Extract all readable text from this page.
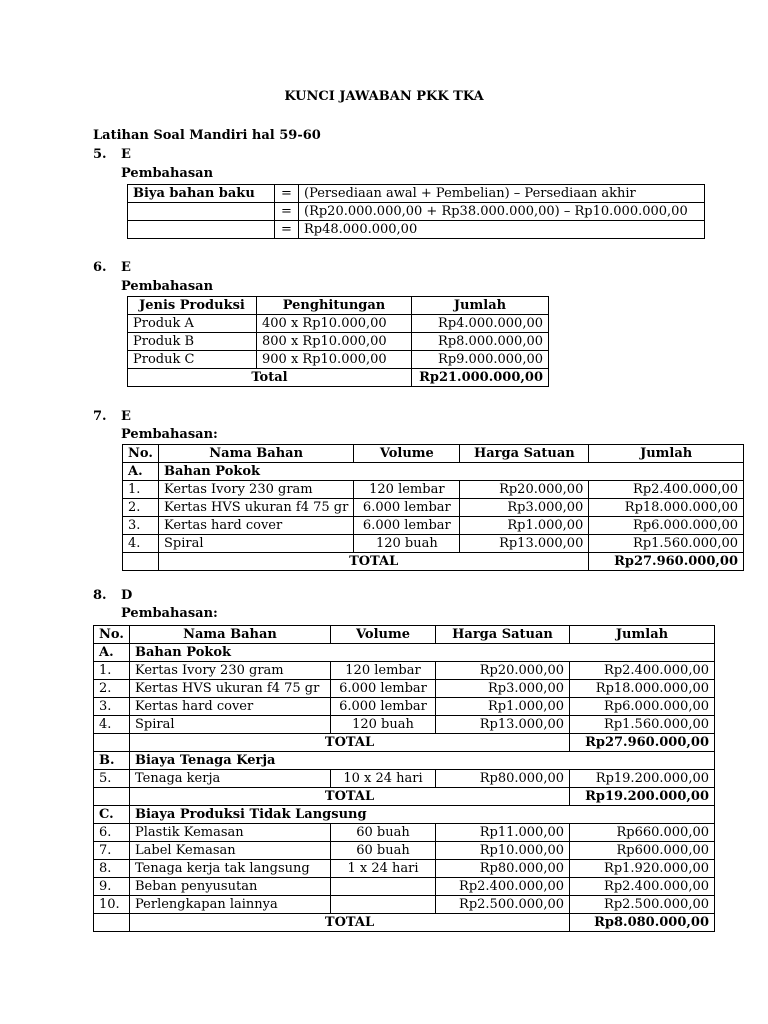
KUNCI JAWABAN PKK TKA
Latihan Soal Mandiri hal 59-60
5. E
Pembahasan
Biya bahan baku	=	(Persediaan awal + Pembelian) – Persediaan akhir
	=	(Rp20.000.000,00 + Rp38.000.000,00) – Rp10.000.000,00
	=	Rp48.000.000,00
6. E
Pembahasan
Jenis Produksi	Penghitungan	Jumlah
Produk A	400 x Rp10.000,00	Rp4.000.000,00
Produk B	800 x Rp10.000,00	Rp8.000.000,00
Produk C	900 x Rp10.000,00	Rp9.000.000,00
Total		Rp21.000.000,00
7. E
Pembahasan:
No.	Nama Bahan	Volume	Harga Satuan	Jumlah
A.	Bahan Pokok			
1.	Kertas Ivory 230 gram	120 lembar	Rp20.000,00	Rp2.400.000,00
2.	Kertas HVS ukuran f4 75 gr	6.000 lembar	Rp3.000,00	Rp18.000.000,00
3.	Kertas hard cover	6.000 lembar	Rp1.000,00	Rp6.000.000,00
4.	Spiral	120 buah	Rp13.000,00	Rp1.560.000,00
	TOTAL			Rp27.960.000,00
8. D
Pembahasan:
No.	Nama Bahan	Volume	Harga Satuan	Jumlah
A.	Bahan Pokok			
1.	Kertas Ivory 230 gram	120 lembar	Rp20.000,00	Rp2.400.000,00
2.	Kertas HVS ukuran f4 75 gr	6.000 lembar	Rp3.000,00	Rp18.000.000,00
3.	Kertas hard cover	6.000 lembar	Rp1.000,00	Rp6.000.000,00
4.	Spiral	120 buah	Rp13.000,00	Rp1.560.000,00
	TOTAL			Rp27.960.000,00
B.	Biaya Tenaga Kerja			
5.	Tenaga kerja	10 x 24 hari	Rp80.000,00	Rp19.200.000,00
	TOTAL			Rp19.200.000,00
C.	Biaya Produksi Tidak Langsung			
6.	Plastik Kemasan	60 buah	Rp11.000,00	Rp660.000,00
7.	Label Kemasan	60 buah	Rp10.000,00	Rp600.000,00
8.	Tenaga kerja tak langsung	1 x 24 hari	Rp80.000,00	Rp1.920.000,00
9.	Beban penyusutan		Rp2.400.000,00	Rp2.400.000,00
10.	Perlengkapan lainnya		Rp2.500.000,00	Rp2.500.000,00
	TOTAL			Rp8.080.000,00
